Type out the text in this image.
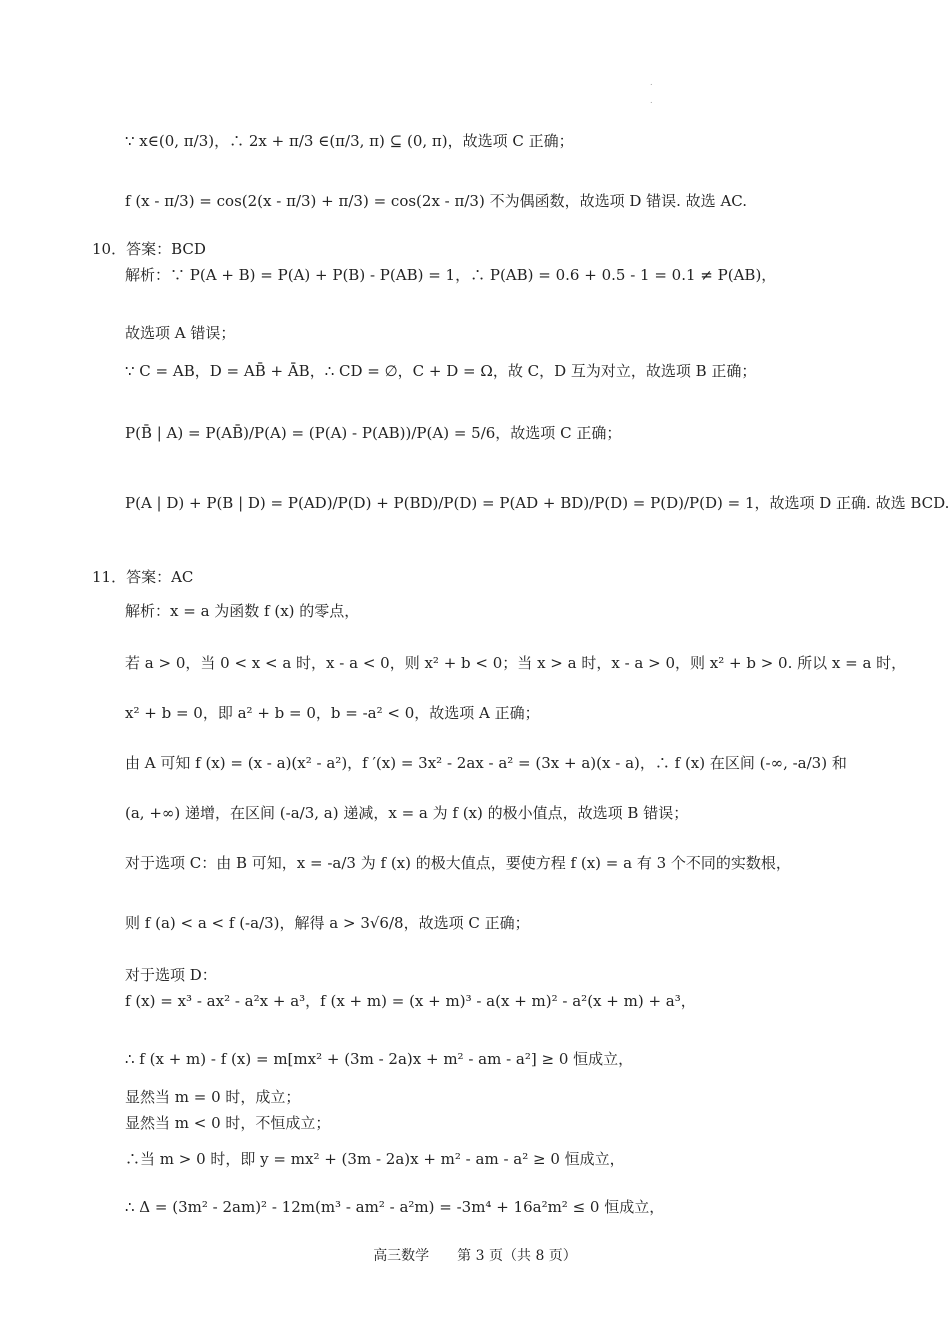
.
.
∵ x∈(0, π/3)，∴ 2x + π/3 ∈(π/3, π) ⊆ (0, π)，故选项 C 正确；
f (x - π/3) = cos(2(x - π/3) + π/3) = cos(2x - π/3) 不为偶函数，故选项 D 错误. 故选 AC.
10．答案：BCD
解析：∵ P(A + B) = P(A) + P(B) - P(AB) = 1，∴ P(AB) = 0.6 + 0.5 - 1 = 0.1 ≠ P(AB)，
故选项 A 错误；
∵ C = AB，D = AB̄ + ĀB，∴ CD = ∅，C + D = Ω，故 C，D 互为对立，故选项 B 正确；
P(B̄ | A) = P(AB̄)/P(A) = (P(A) - P(AB))/P(A) = 5/6，故选项 C 正确；
P(A | D) + P(B | D) = P(AD)/P(D) + P(BD)/P(D) = P(AD + BD)/P(D) = P(D)/P(D) = 1，故选项 D 正确. 故选 BCD.
11．答案：AC
解析：x = a 为函数 f (x) 的零点，
若 a > 0，当 0 < x < a 时，x - a < 0，则 x² + b < 0；当 x > a 时，x - a > 0，则 x² + b > 0. 所以 x = a 时，
x² + b = 0，即 a² + b = 0，b = -a² < 0，故选项 A 正确；
由 A 可知 f (x) = (x - a)(x² - a²)，f ′(x) = 3x² - 2ax - a² = (3x + a)(x - a)，∴ f (x) 在区间 (-∞, -a/3) 和
(a, +∞) 递增，在区间 (-a/3, a) 递减，x = a 为 f (x) 的极小值点，故选项 B 错误；
对于选项 C：由 B 可知，x = -a/3 为 f (x) 的极大值点，要使方程 f (x) = a 有 3 个不同的实数根，
则 f (a) < a < f (-a/3)，解得 a > 3√6/8，故选项 C 正确；
对于选项 D：
f (x) = x³ - ax² - a²x + a³，f (x + m) = (x + m)³ - a(x + m)² - a²(x + m) + a³，
∴ f (x + m) - f (x) = m[mx² + (3m - 2a)x + m² - am - a²] ≥ 0 恒成立，
显然当 m = 0 时，成立；
显然当 m < 0 时，不恒成立；
∴当 m > 0 时，即 y = mx² + (3m - 2a)x + m² - am - a² ≥ 0 恒成立，
∴ Δ = (3m² - 2am)² - 12m(m³ - am² - a²m) = -3m⁴ + 16a²m² ≤ 0 恒成立，
高三数学　　第 3 页（共 8 页）
